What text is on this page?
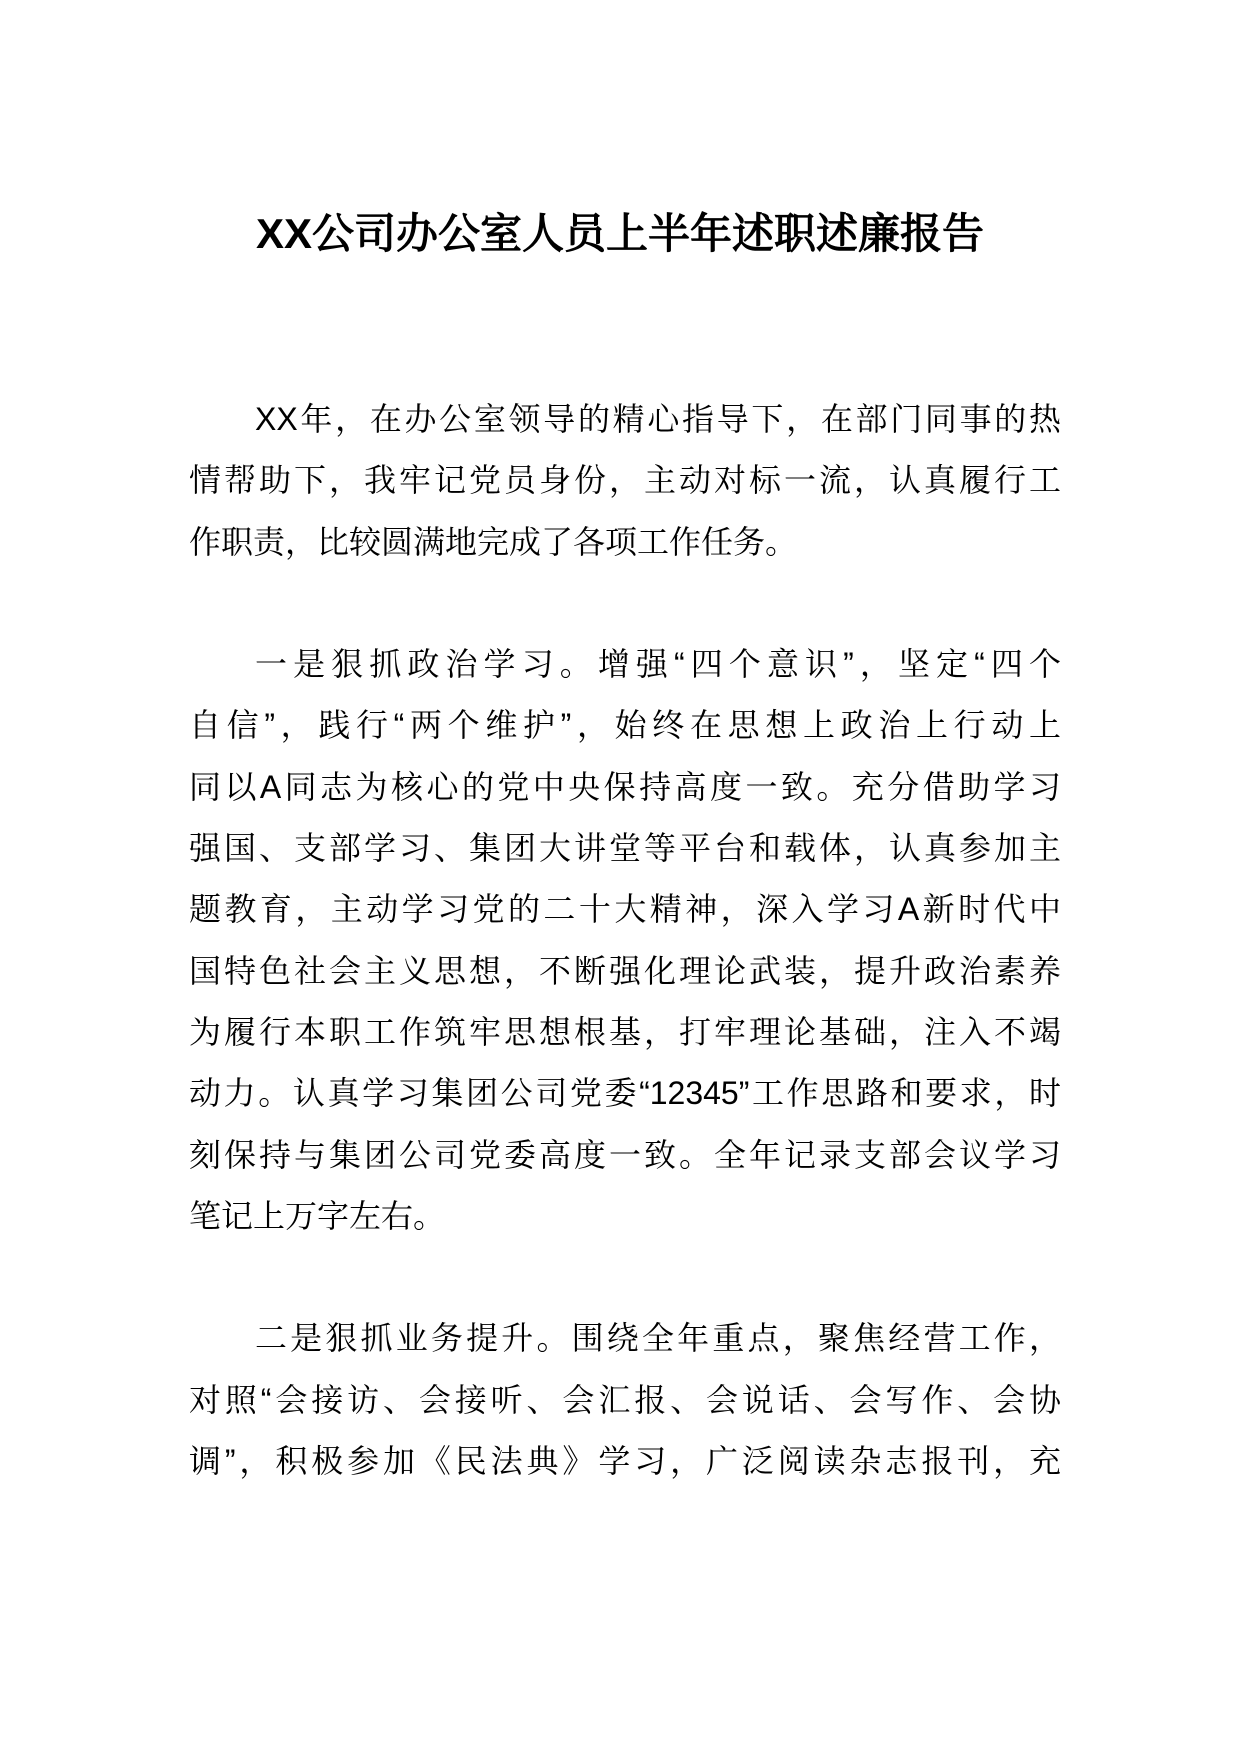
XX公司办公室人员上半年述职述廉报告
XX年，在办公室领导的精心指导下，在部门同事的热
情帮助下，我牢记党员身份，主动对标一流，认真履行工
作职责，比较圆满地完成了各项工作任务。
一是狠抓政治学习。增强“四个意识”，坚定“四个
自信”，践行“两个维护”，始终在思想上政治上行动上
同以A同志为核心的党中央保持高度一致。充分借助学习
强国、支部学习、集团大讲堂等平台和载体，认真参加主
题教育，主动学习党的二十大精神，深入学习A新时代中
国特色社会主义思想，不断强化理论武装，提升政治素养
为履行本职工作筑牢思想根基，打牢理论基础，注入不竭
动力。认真学习集团公司党委“12345”工作思路和要求，时
刻保持与集团公司党委高度一致。全年记录支部会议学习
笔记上万字左右。
二是狠抓业务提升。围绕全年重点，聚焦经营工作，
对照“会接访、会接听、会汇报、会说话、会写作、会协
调”，积极参加《民法典》学习，广泛阅读杂志报刊，充
